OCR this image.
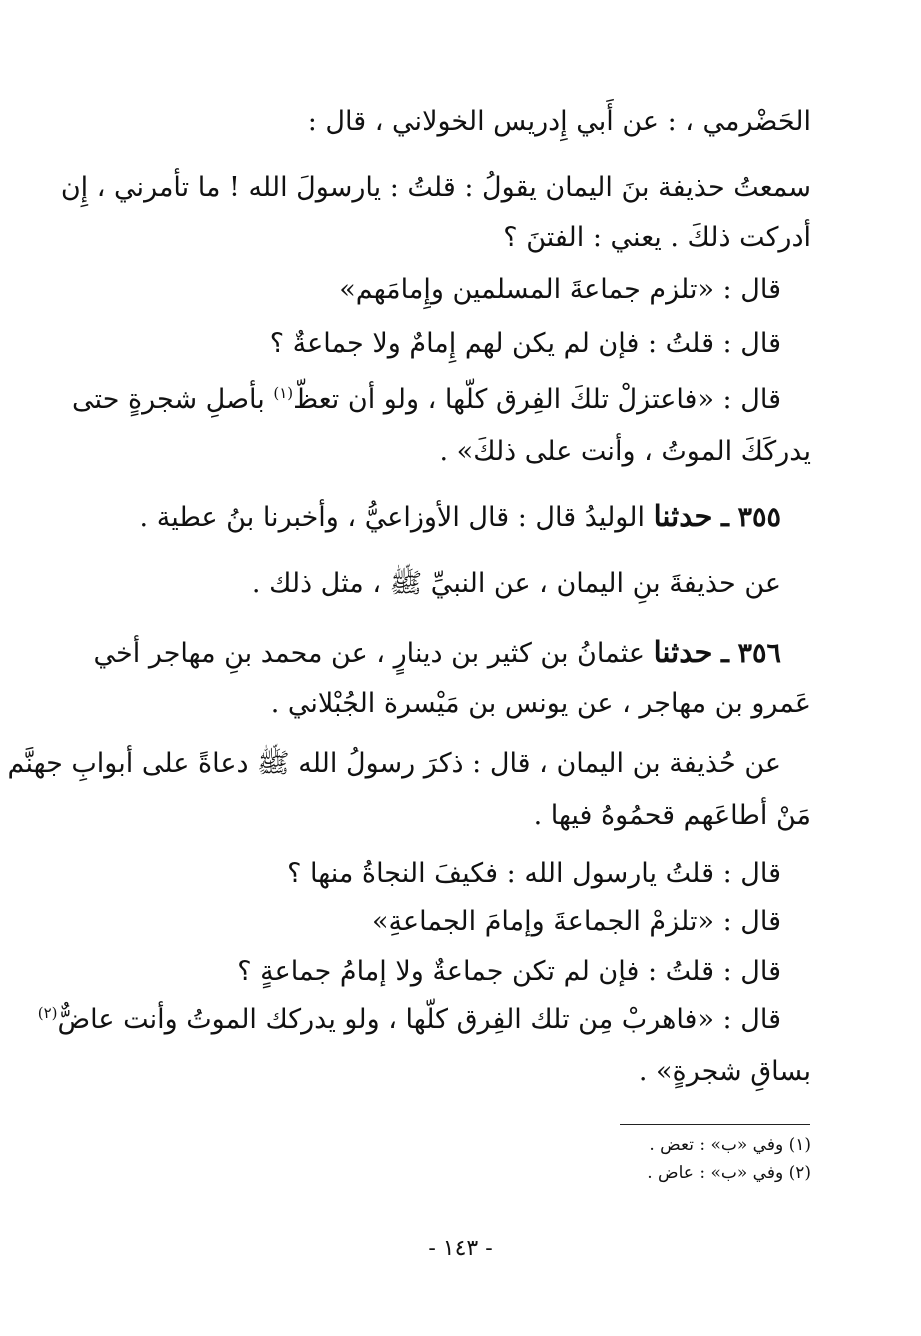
الحَضْرمي ، : عن أَبي إِدريس الخولاني ، قال :
سمعتُ حذيفة بنَ اليمان يقولُ : قلتُ : يارسولَ الله ! ما تأمرني ، إِن
أدركت ذلكَ . يعني : الفتنَ ؟
قال : «تلزم جماعةَ المسلمين وإِمامَهم»
قال : قلتُ : فإن لم يكن لهم إِمامٌ ولا جماعةٌ ؟
قال : «فاعتزلْ تلكَ الفِرق كلّها ، ولو أن تعظّ$^{(١)}$ بأصلِ شجرةٍ حتى
يدركَكَ الموتُ ، وأنت على ذلكَ» .
٣٥٥ ـ حدثنا الوليدُ قال : قال الأوزاعيُّ ، وأخبرنا بنُ عطية .
عن حذيفةَ بنِ اليمان ، عن النبيِّ ﷺ ، مثل ذلك .
٣٥٦ ـ حدثنا عثمانُ بن كثير بن دينارٍ ، عن محمد بنِ مهاجر أخي
عَمرو بن مهاجر ، عن يونس بن مَيْسرة الجُبْلاني .
عن حُذيفة بن اليمان ، قال : ذكرَ رسولُ الله ﷺ دعاةً على أبوابِ جهنَّم
مَنْ أطاعَهم قحمُوهُ فيها .
قال : قلتُ يارسول الله : فكيفَ النجاةُ منها ؟
قال : «تلزمْ الجماعةَ وإمامَ الجماعةِ»
قال : قلتُ : فإن لم تكن جماعةٌ ولا إمامُ جماعةٍ ؟
قال : «فاهربْ مِن تلك الفِرق كلّها ، ولو يدركك الموتُ وأنت عاضٌّ$^{(٢)}$
بساقِ شجرةٍ» .
(١) وفي «ب» : تعض .
(٢) وفي «ب» : عاض .
- ١٤٣ -
